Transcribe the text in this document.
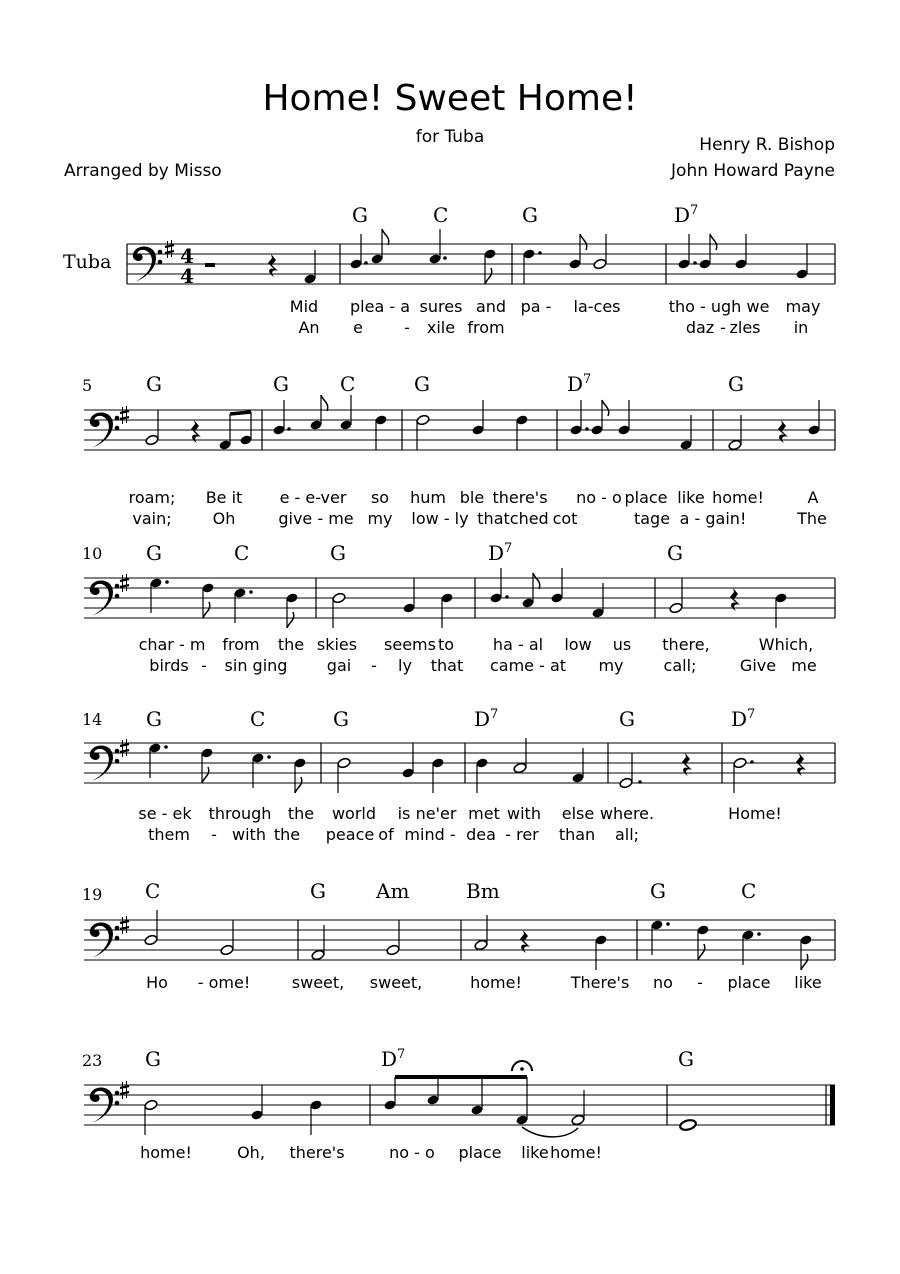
Home! Sweet Home!
for Tuba	Henry R. Bishop
John Howard Payne
Arranged by Misso
Tuba	4
4
G	C	G	$D^7$
Mid plea - a sures and pa - la-ces	tho - ugh we may
An e	- xile from	daz - zles in
5	G	G	C	G	$D^7$	G
roam; Be it e - e-ver so hum ble there's no - o place like home!	A
vain;	Oh	give - me my low - ly thatched cot	tage a - gain!	The
10 G	C	G	$D^7$	G
char - m from the skies seems to ha - al low us there,	Which,
birds - sin ging gai - ly that came - at my	call;	Give me
14 G	C	G	$D^7$	G	$D^7$
se - ek through the world is ne'er met with else where.	Home!
them - with the peace of mind - dea - rer than all;
19 C	G	Am	Bm	G	C
Ho - ome!	sweet, sweet,	home!	There's no - place like
23 G	$D^7$	G
home!	Oh, there's	no - o place like home!
